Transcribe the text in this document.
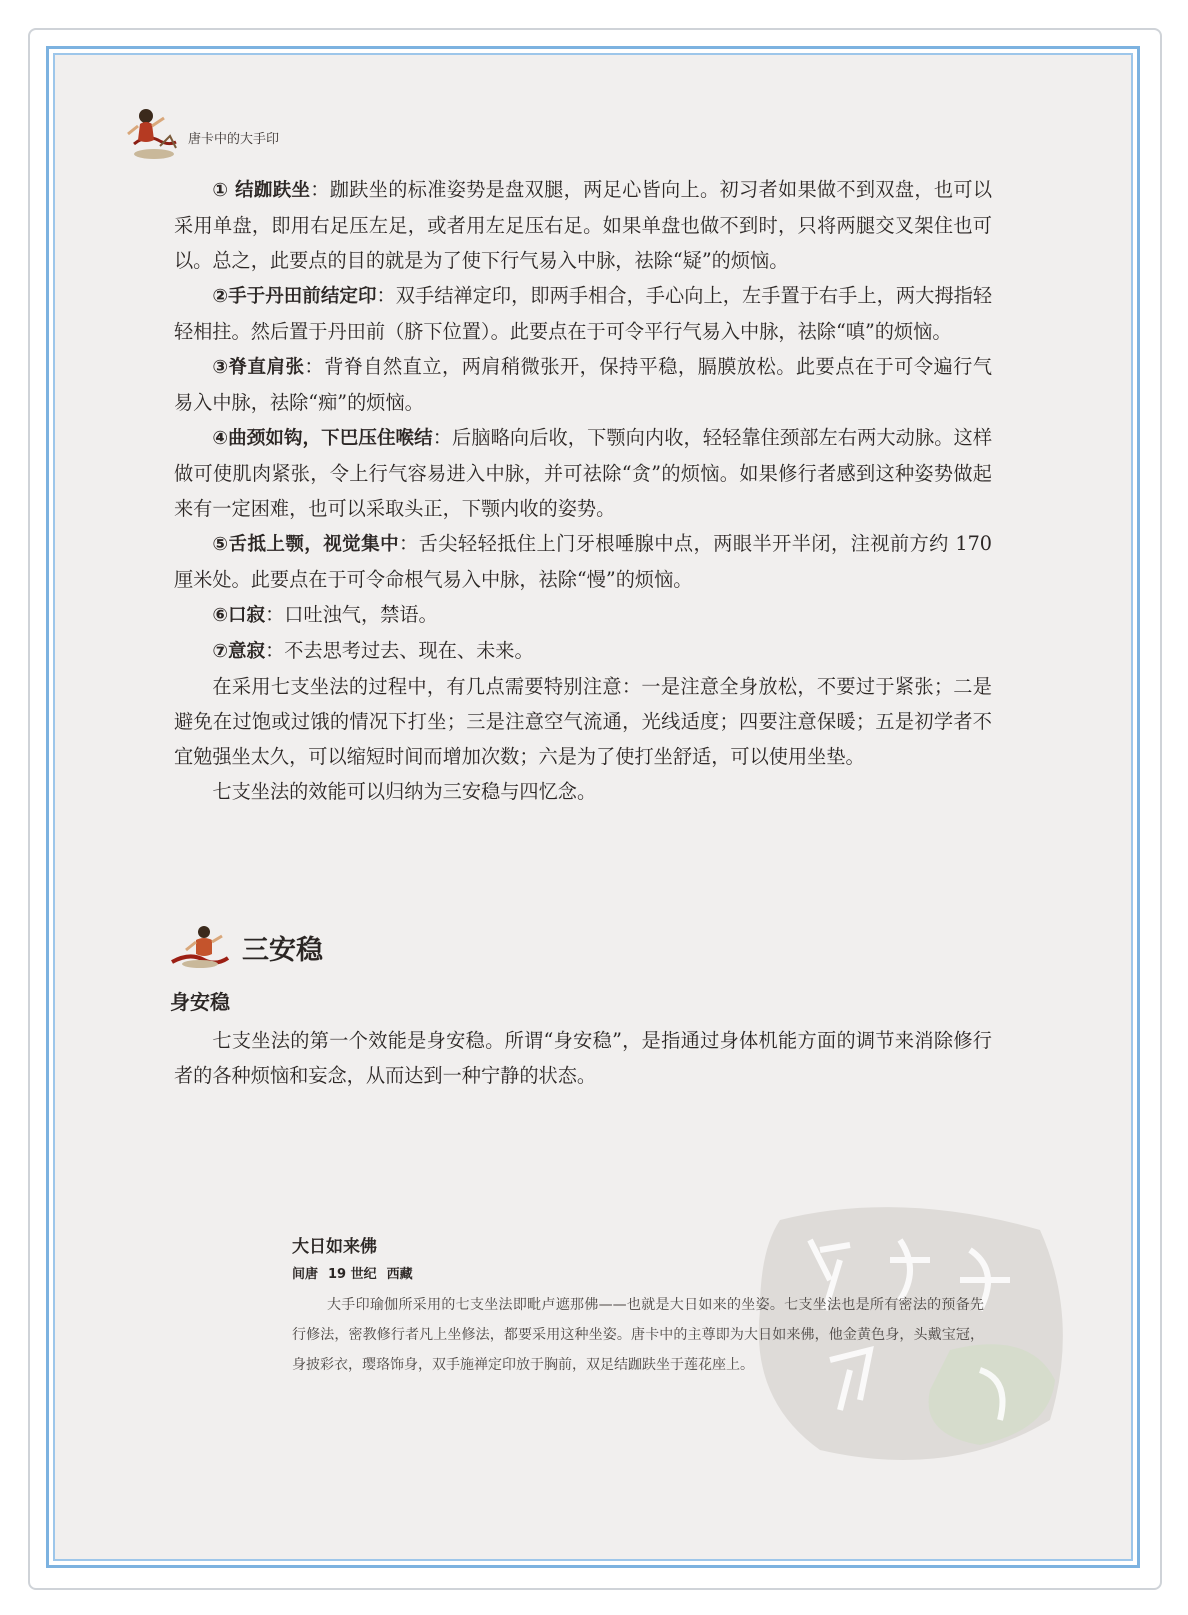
唐卡中的大手印

① 结跏趺坐：跏趺坐的标准姿势是盘双腿，两足心皆向上。初习者如果做不到双盘，也可以采用单盘，即用右足压左足，或者用左足压右足。如果单盘也做不到时，只将两腿交叉架住也可以。总之，此要点的目的就是为了使下行气易入中脉，祛除“疑”的烦恼。

②手于丹田前结定印：双手结禅定印，即两手相合，手心向上，左手置于右手上，两大拇指轻轻相拄。然后置于丹田前（脐下位置）。此要点在于可令平行气易入中脉，祛除“嗔”的烦恼。

③脊直肩张：背脊自然直立，两肩稍微张开，保持平稳，膈膜放松。此要点在于可令遍行气易入中脉，祛除“痴”的烦恼。

④曲颈如钩，下巴压住喉结：后脑略向后收，下颚向内收，轻轻靠住颈部左右两大动脉。这样做可使肌肉紧张，令上行气容易进入中脉，并可祛除“贪”的烦恼。如果修行者感到这种姿势做起来有一定困难，也可以采取头正，下颚内收的姿势。

⑤舌抵上颚，视觉集中：舌尖轻轻抵住上门牙根唾腺中点，两眼半开半闭，注视前方约 170 厘米处。此要点在于可令命根气易入中脉，祛除“慢”的烦恼。

⑥口寂：口吐浊气，禁语。

⑦意寂：不去思考过去、现在、未来。

在采用七支坐法的过程中，有几点需要特别注意：一是注意全身放松，不要过于紧张；二是避免在过饱或过饿的情况下打坐；三是注意空气流通，光线适度；四要注意保暖；五是初学者不宜勉强坐太久，可以缩短时间而增加次数；六是为了使打坐舒适，可以使用坐垫。

七支坐法的效能可以归纳为三安稳与四忆念。

三安稳
身安稳

七支坐法的第一个效能是身安稳。所谓“身安稳”，是指通过身体机能方面的调节来消除修行者的各种烦恼和妄念，从而达到一种宁静的状态。

大日如来佛
间唐 19 世纪 西藏
大手印瑜伽所采用的七支坐法即毗卢遮那佛——也就是大日如来的坐姿。七支坐法也是所有密法的预备先行修法，密教修行者凡上坐修法，都要采用这种坐姿。唐卡中的主尊即为大日如来佛，他金黄色身，头戴宝冠，身披彩衣，璎珞饰身，双手施禅定印放于胸前，双足结跏趺坐于莲花座上。
